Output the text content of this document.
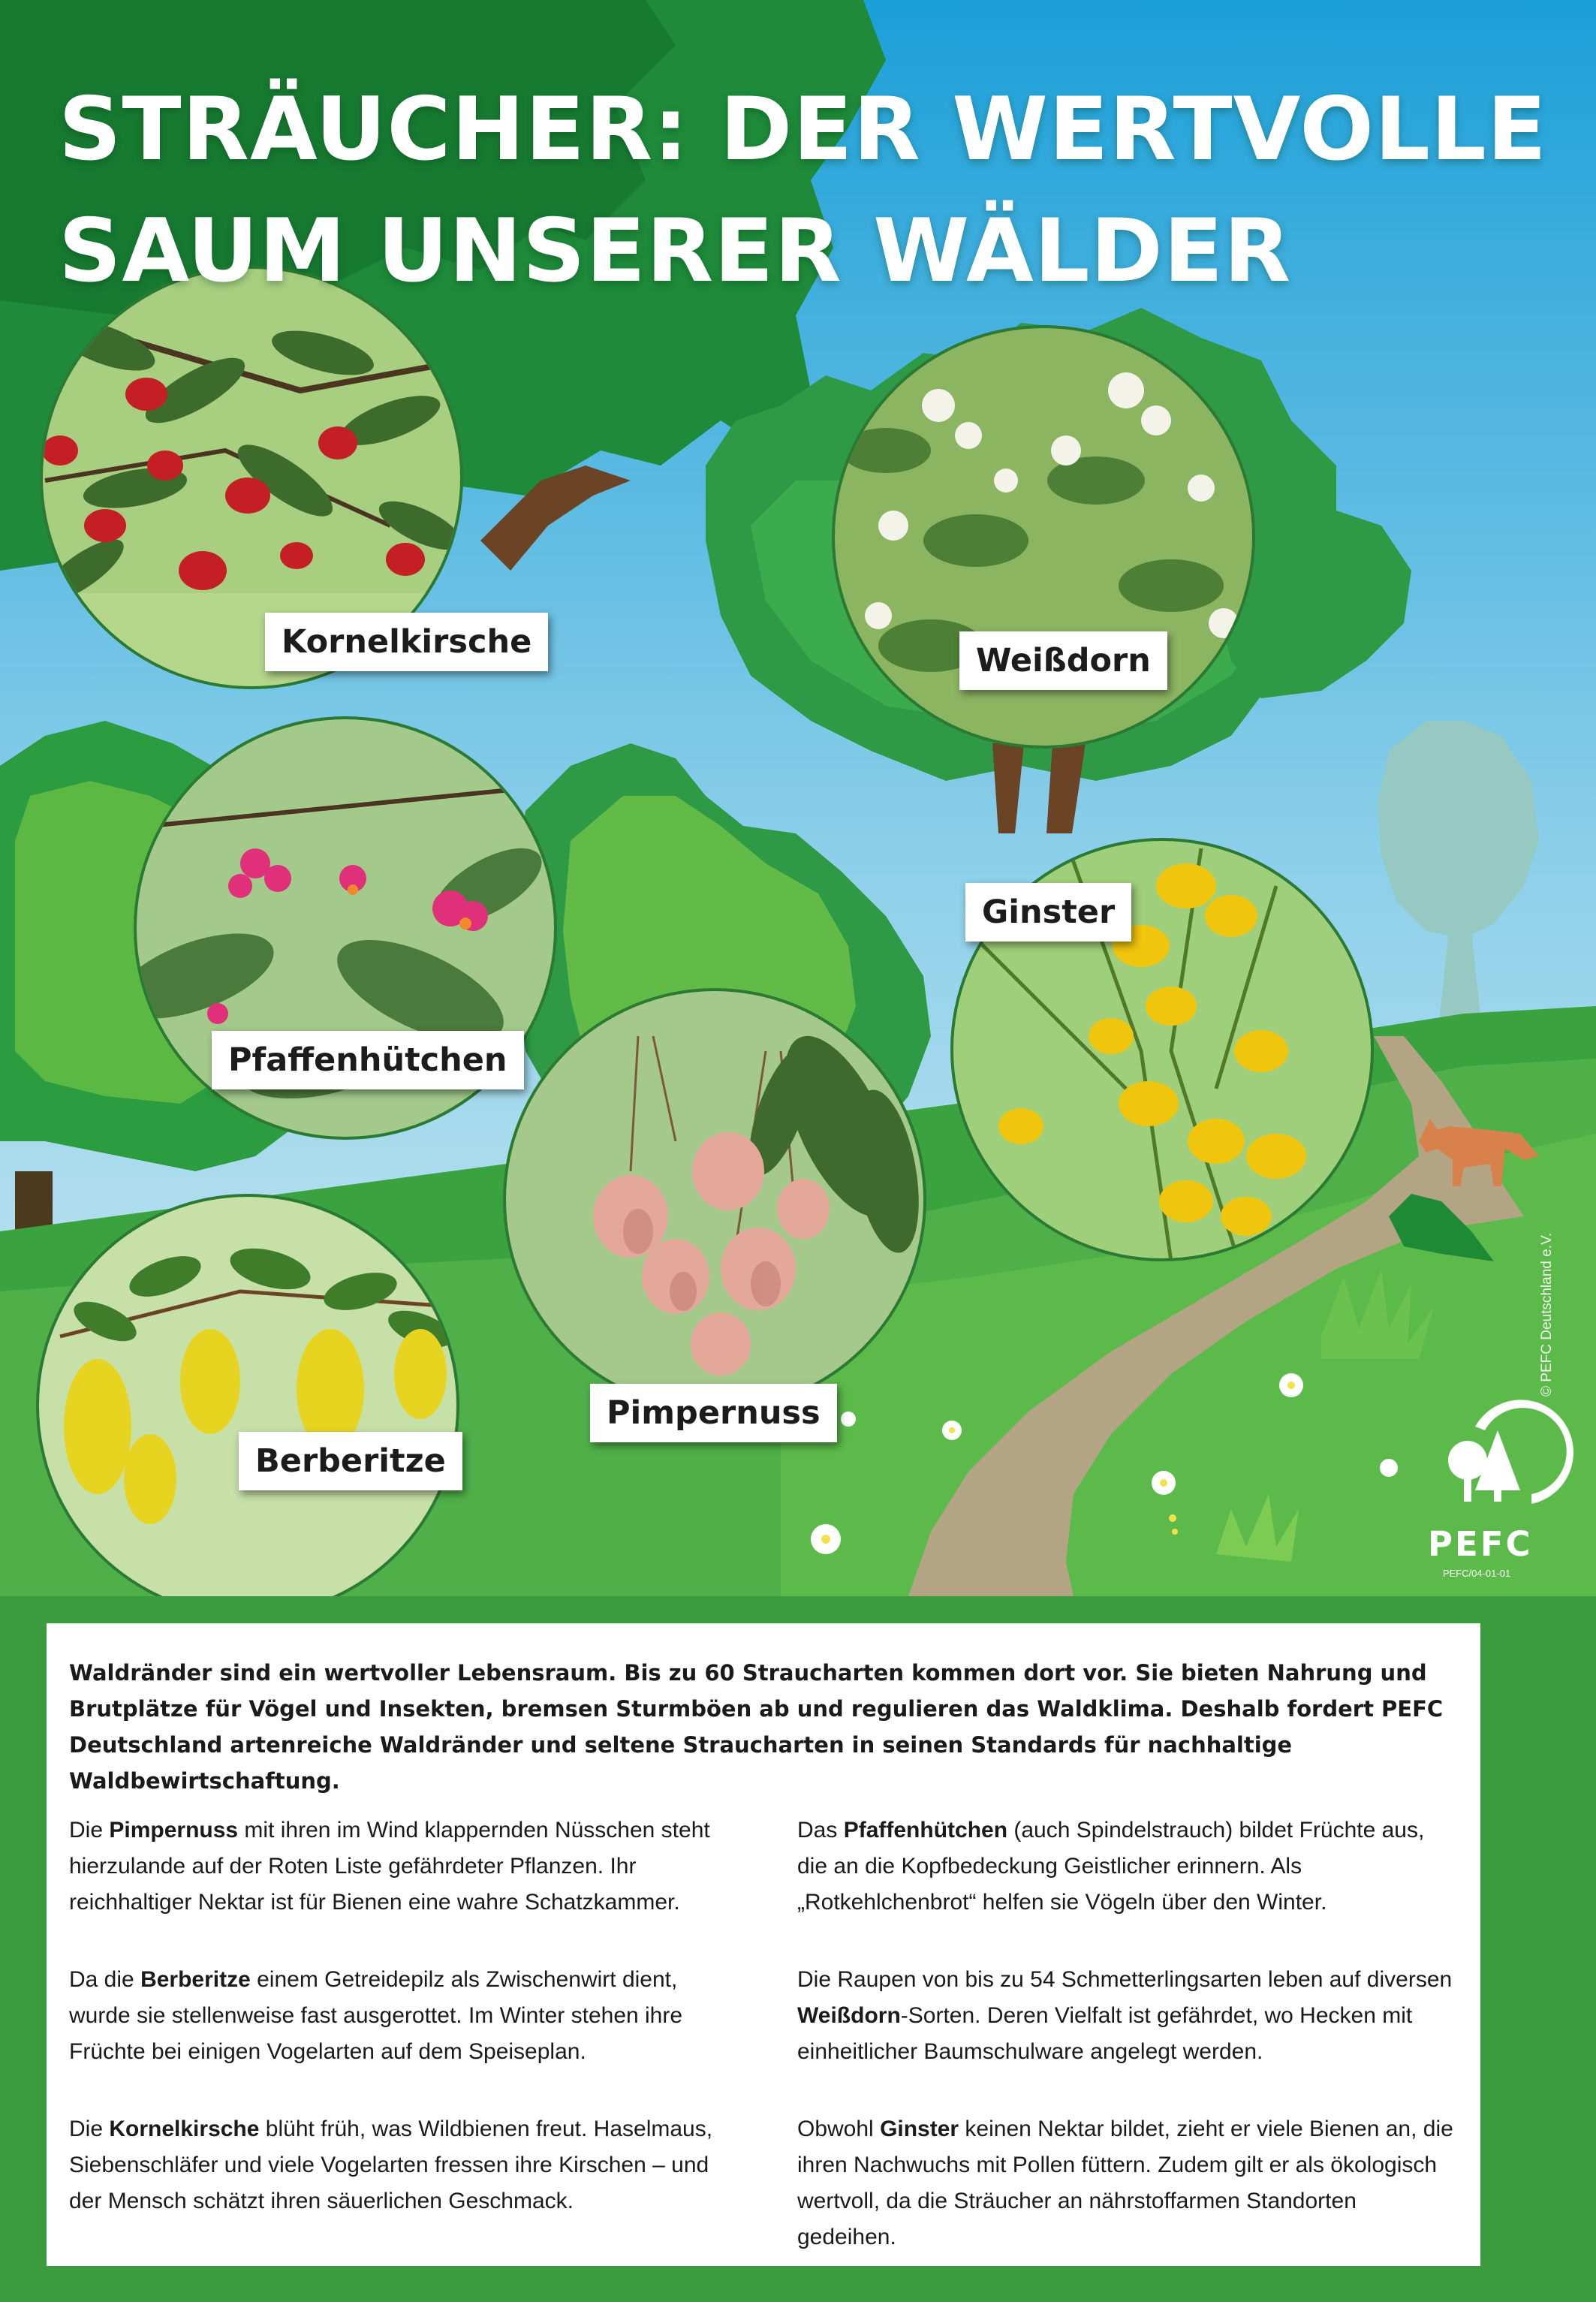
STRÄUCHER: DER WERTVOLLE
SAUM UNSERER WÄLDER
Kornelkirsche	Weißdorn
Pfaffenhütchen
Ginster
Pimpernuss
Berberitze
© PEFC Deutschland e.V.
PEFC
PEFC/04-01-01

Waldränder sind ein wertvoller Lebensraum. Bis zu 60 Straucharten kommen dort vor. Sie bieten Nahrung und Brutplätze für Vögel und Insekten, bremsen Sturmböen ab und regulieren das Waldklima. Deshalb fordert PEFC Deutschland artenreiche Waldränder und seltene Straucharten in seinen Standards für nachhaltige Waldbewirtschaftung.

Die Pimpernuss mit ihren im Wind klappernden Nüsschen steht hierzulande auf der Roten Liste gefährdeter Pflanzen. Ihr reichhaltiger Nektar ist für Bienen eine wahre Schatzkammer.

Da die Berberitze einem Getreidepilz als Zwischenwirt dient, wurde sie stellenweise fast ausgerottet. Im Winter stehen ihre Früchte bei einigen Vogelarten auf dem Speiseplan.

Die Kornelkirsche blüht früh, was Wildbienen freut. Haselmaus, Siebenschläfer und viele Vogelarten fressen ihre Kirschen – und der Mensch schätzt ihren säuerlichen Geschmack.

Das Pfaffenhütchen (auch Spindelstrauch) bildet Früchte aus, die an die Kopfbedeckung Geistlicher erinnern. Als „Rotkehlchenbrot“ helfen sie Vögeln über den Winter.

Die Raupen von bis zu 54 Schmetterlingsarten leben auf diversen Weißdorn-Sorten. Deren Vielfalt ist gefährdet, wo Hecken mit einheitlicher Baumschulware angelegt werden.

Obwohl Ginster keinen Nektar bildet, zieht er viele Bienen an, die ihren Nachwuchs mit Pollen füttern. Zudem gilt er als ökologisch wertvoll, da die Sträucher an nährstoffarmen Standorten gedeihen.
